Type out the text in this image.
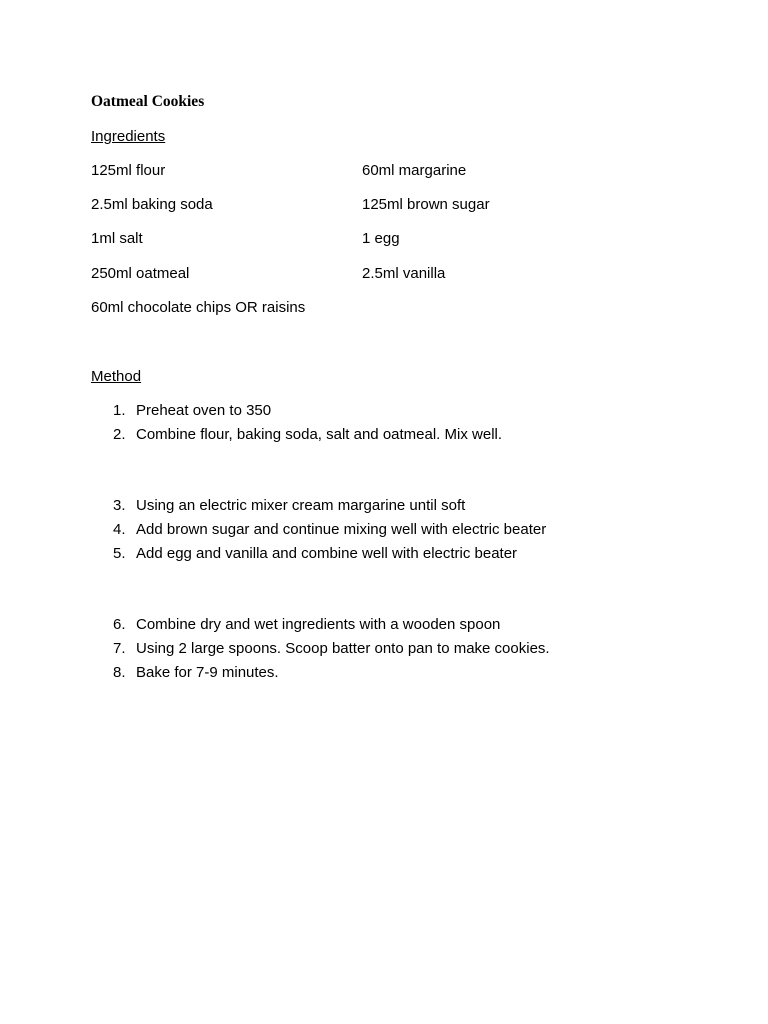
Oatmeal Cookies
Ingredients
125ml flour	60ml margarine
2.5ml baking soda	125ml brown sugar
1ml salt	1 egg
250ml oatmeal	2.5ml vanilla
60ml chocolate chips OR raisins
Method
1. Preheat oven to 350
2. Combine flour, baking soda, salt and oatmeal. Mix well.
3. Using an electric mixer cream margarine until soft
4. Add brown sugar and continue mixing well with electric beater
5. Add egg and vanilla and combine well with electric beater
6. Combine dry and wet ingredients with a wooden spoon
7. Using 2 large spoons. Scoop batter onto pan to make cookies.
8. Bake for 7-9 minutes.
